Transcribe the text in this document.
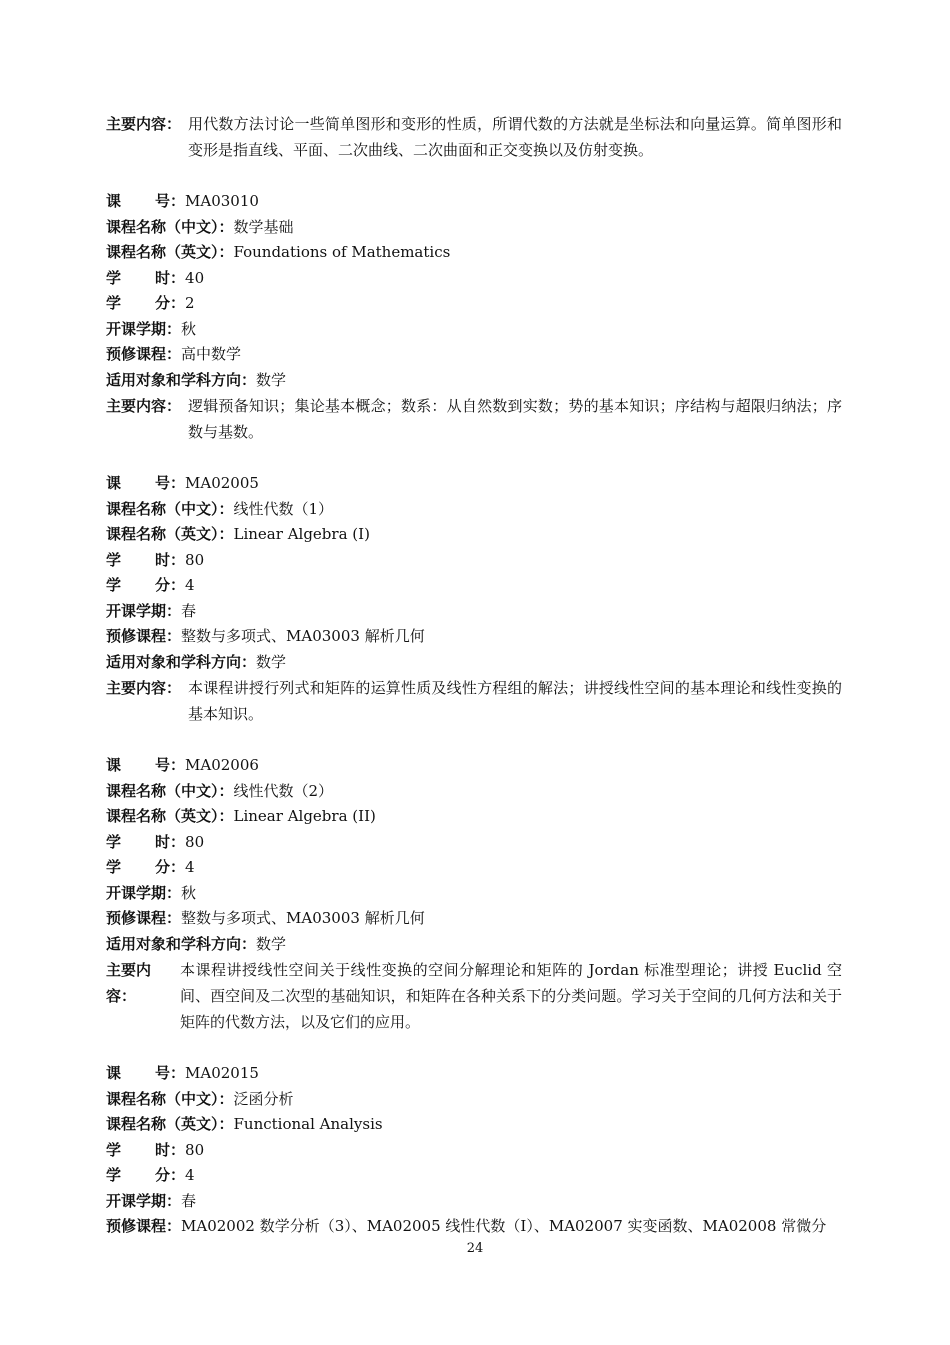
主要内容： 用代数方法讨论一些简单图形和变形的性质，所谓代数的方法就是坐标法和向量运算。简单图形和变形是指直线、平面、二次曲线、二次曲面和正交变换以及仿射变换。
课 号： MA03010
课程名称（中文）： 数学基础
课程名称（英文）： Foundations of Mathematics
学 时： 40
学 分： 2
开课学期： 秋
预修课程： 高中数学
适用对象和学科方向： 数学
主要内容： 逻辑预备知识；集论基本概念；数系：从自然数到实数；势的基本知识；序结构与超限归纳法；序数与基数。
课 号： MA02005
课程名称（中文）： 线性代数（1）
课程名称（英文）： Linear Algebra (I)
学 时： 80
学 分： 4
开课学期： 春
预修课程： 整数与多项式、MA03003 解析几何
适用对象和学科方向： 数学
主要内容： 本课程讲授行列式和矩阵的运算性质及线性方程组的解法；讲授线性空间的基本理论和线性变换的基本知识。
课 号： MA02006
课程名称（中文）： 线性代数（2）
课程名称（英文）： Linear Algebra (II)
学 时： 80
学 分： 4
开课学期： 秋
预修课程： 整数与多项式、MA03003 解析几何
适用对象和学科方向： 数学
主要内容：
本课程讲授线性空间关于线性变换的空间分解理论和矩阵的 Jordan 标准型理论；讲授 Euclid 空间、酉空间及二次型的基础知识，和矩阵在各种关系下的分类问题。学习关于空间的几何方法和关于矩阵的代数方法，以及它们的应用。
课 号： MA02015
课程名称（中文）： 泛函分析
课程名称（英文）： Functional Analysis
学 时： 80
学 分： 4
开课学期： 春
预修课程： MA02002 数学分析（3）、MA02005 线性代数（I）、MA02007 实变函数、MA02008 常微分
24
